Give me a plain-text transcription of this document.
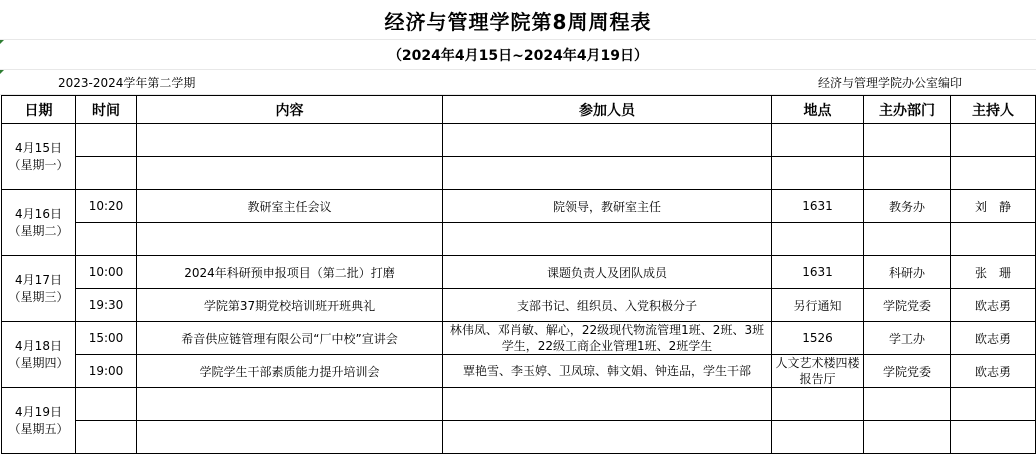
经济与管理学院第8周周程表
（2024年4月15日~2024年4月19日）
2023-2024学年第二学期	经济与管理学院办公室编印
日期	时间	内容	参加人员	地点	主办部门	主持人

4月15日
（星期一）						

4月16日
（星期二）	10:20	教研室主任会议	院领导，教研室主任	1631	教务办	刘　静

4月17日
（星期三）	10:00	2024年科研预申报项目（第二批）打磨	课题负责人及团队成员	1631	科研办	张　珊
	19:30	学院第37期党校培训班开班典礼	支部书记、组织员、入党积极分子	另行通知	学院党委	欧志勇

4月18日
（星期四）	15:00	希音供应链管理有限公司“厂中校”宣讲会	林伟凤、邓肖敏、解心，22级现代物流管理1班、2班、3班学生，22级工商企业管理1班、2班学生	1526	学工办	欧志勇
	19:00	学院学生干部素质能力提升培训会	覃艳雪、李玉婷、卫凤琼、韩文娟、钟连品，学生干部	人文艺术楼四楼报告厅	学院党委	欧志勇

4月19日
（星期五）						
